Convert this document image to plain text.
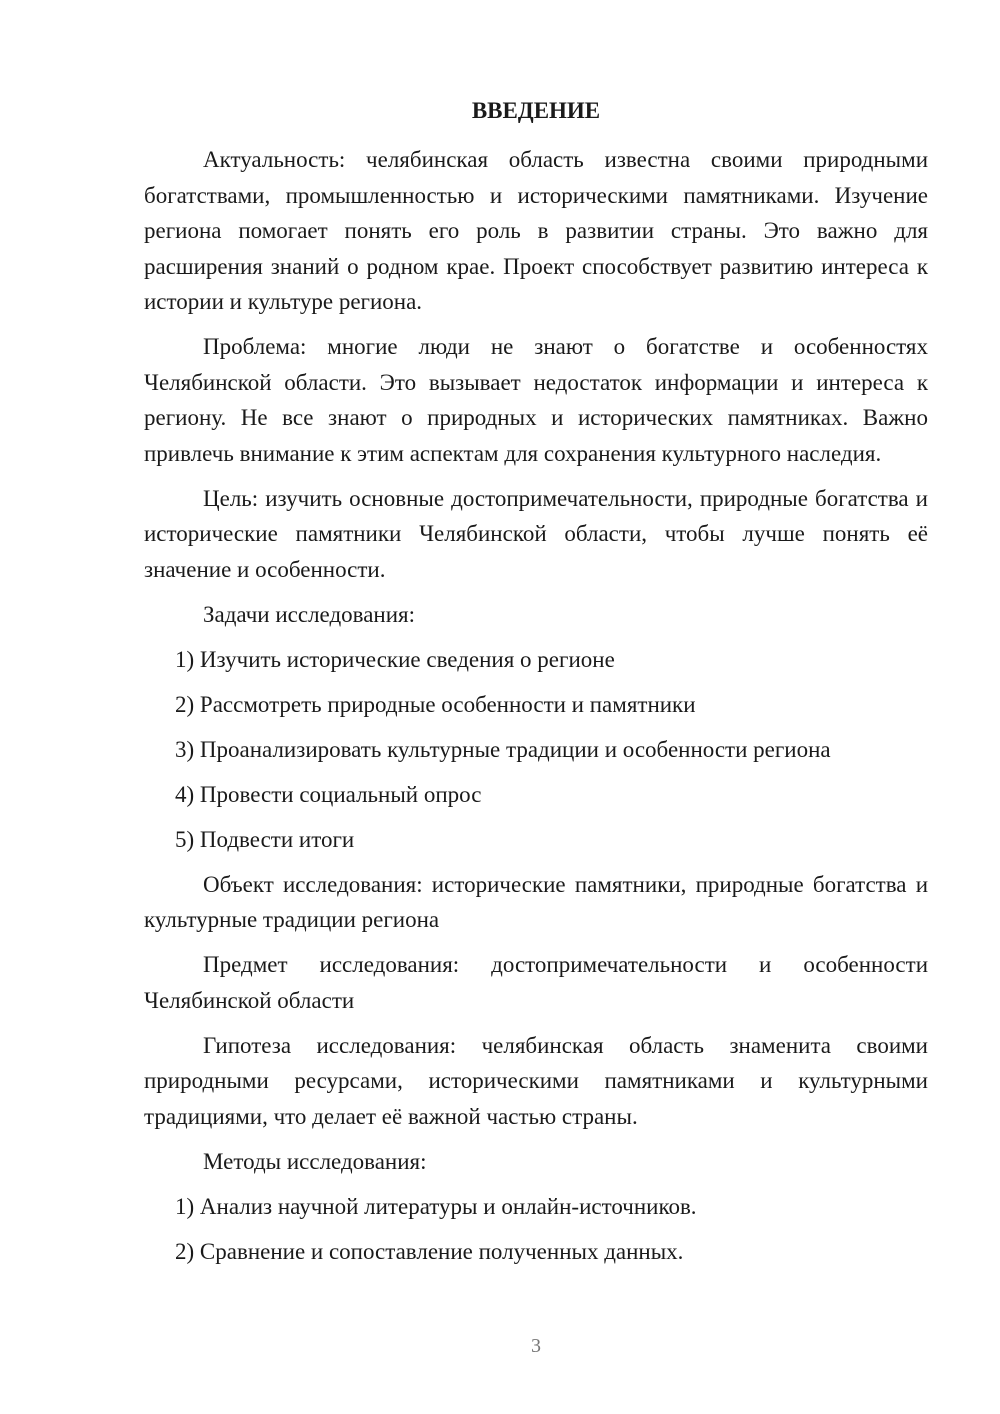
ВВЕДЕНИЕ

Актуальность: челябинская область известна своими природными богатствами, промышленностью и историческими памятниками. Изучение региона помогает понять его роль в развитии страны. Это важно для расширения знаний о родном крае. Проект способствует развитию интереса к истории и культуре региона.

Проблема: многие люди не знают о богатстве и особенностях Челябинской области. Это вызывает недостаток информации и интереса к региону. Не все знают о природных и исторических памятниках. Важно привлечь внимание к этим аспектам для сохранения культурного наследия.

Цель: изучить основные достопримечательности, природные богатства и исторические памятники Челябинской области, чтобы лучше понять её значение и особенности.

Задачи исследования:

1) Изучить исторические сведения о регионе
2) Рассмотреть природные особенности и памятники
3) Проанализировать культурные традиции и особенности региона
4) Провести социальный опрос
5) Подвести итоги

Объект исследования: исторические памятники, природные богатства и культурные традиции региона

Предмет исследования: достопримечательности и особенности Челябинской области

Гипотеза исследования: челябинская область знаменита своими природными ресурсами, историческими памятниками и культурными традициями, что делает её важной частью страны.

Методы исследования:

1) Анализ научной литературы и онлайн-источников.
2) Сравнение и сопоставление полученных данных.
3
